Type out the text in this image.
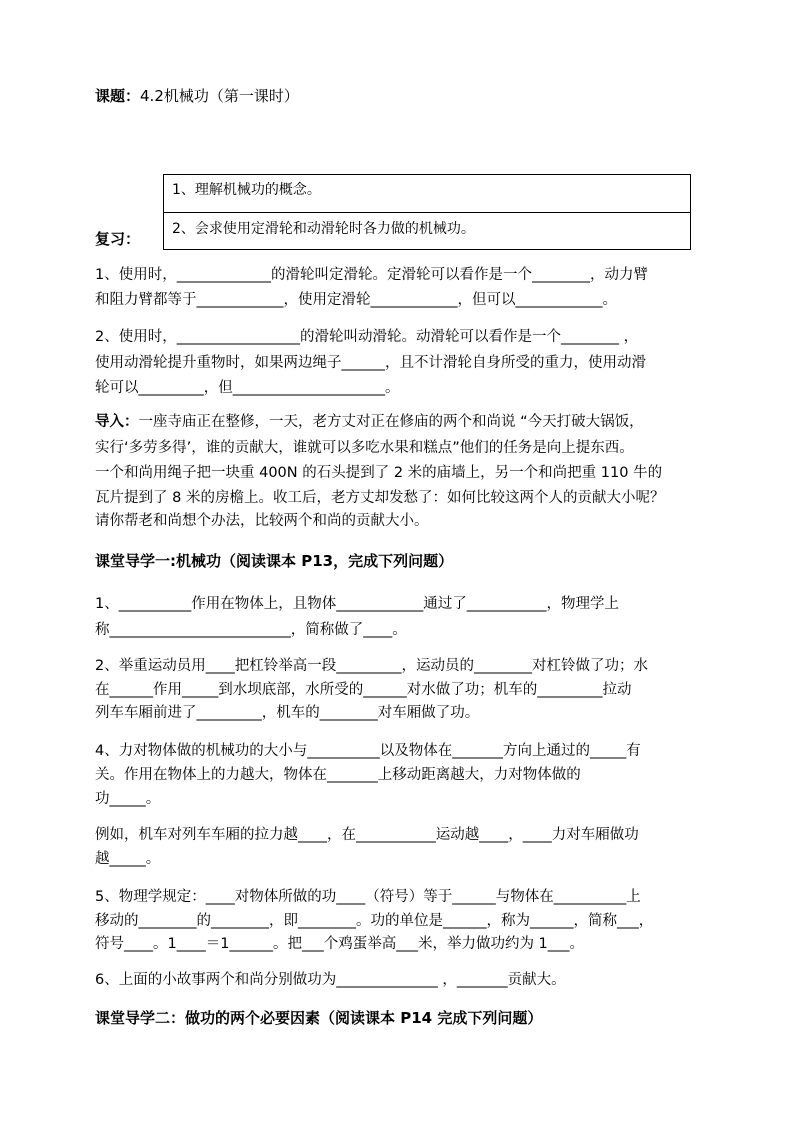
课题：4.2机械功（第一课时）
1、理解机械功的概念。
2、会求使用定滑轮和动滑轮时各力做的机械功。
复习：
1、使用时，_____________的滑轮叫定滑轮。定滑轮可以看作是一个________，动力臂
和阻力臂都等于____________，使用定滑轮____________，但可以____________。
2、使用时，_________________的滑轮叫动滑轮。动滑轮可以看作是一个________ ，
使用动滑轮提升重物时，如果两边绳子______，且不计滑轮自身所受的重力，使用动滑
轮可以_________，但_____________________。
导入：一座寺庙正在整修，一天，老方丈对正在修庙的两个和尚说 “今天打破大锅饭，
实行‘多劳多得’，谁的贡献大，谁就可以多吃水果和糕点”他们的任务是向上提东西。
一个和尚用绳子把一块重 400N 的石头提到了 2 米的庙墙上，另一个和尚把重 110 牛的
瓦片提到了 8 米的房檐上。收工后，老方丈却发愁了：如何比较这两个人的贡献大小呢？
请你帮老和尚想个办法，比较两个和尚的贡献大小。
课堂导学一:机械功（阅读课本 P13，完成下列问题）
1、__________作用在物体上，且物体____________通过了___________，物理学上
称_________________________，简称做了____。
2、举重运动员用____把杠铃举高一段_________，运动员的________对杠铃做了功；水
在______作用_____到水坝底部，水所受的______对水做了功；机车的_________拉动
列车车厢前进了_________，机车的________对车厢做了功。
4、力对物体做的机械功的大小与__________以及物体在_______方向上通过的_____有
关。作用在物体上的力越大，物体在_______上移动距离越大，力对物体做的
功_____。
例如，机车对列车车厢的拉力越____，在___________运动越____，____力对车厢做功
越_____。
5、物理学规定：____对物体所做的功____（符号）等于______与物体在__________上
移动的________的________，即________。功的单位是______，称为______，简称___，
符号____。1____＝1______。把___个鸡蛋举高___米，举力做功约为 1___。
6、上面的小故事两个和尚分别做功为______________ ，_______贡献大。
课堂导学二：做功的两个必要因素（阅读课本 P14 完成下列问题）
